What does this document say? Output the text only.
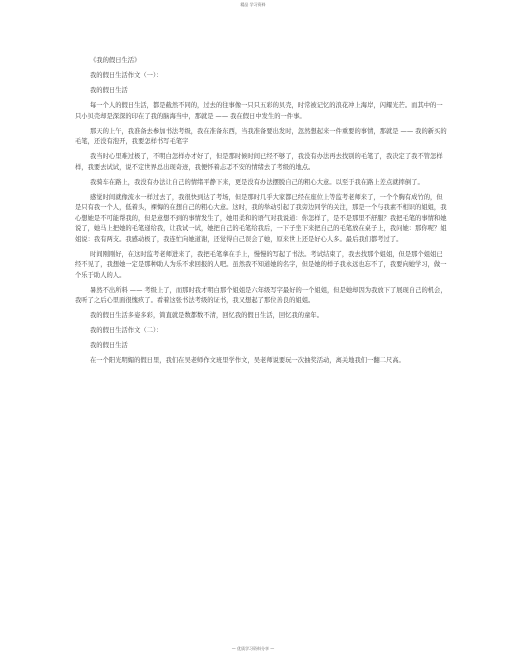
精品 学习资料

《我的假日生活》

我的假日生活作文（一）：

我的假日生活

每一个人的假日生活，都是截然不同的，过去的往事像一只只五彩的贝壳，时常被记忆的浪花冲上海岸，闪耀光芒。而其中的一只小贝壳却是深深的印在了我的脑海当中，那就是 —— 我在假日中发生的一件事。

那天的上午，我准备去参加书法考级，我在准备东西，当我准备要出发时，忽然想起来一件重要的事情，那就是 —— 我的新买的毛笔，还没有泡开，我要怎样书写毛笔字

我当时心里难过极了，不明白怎样办才好了，但是那时候时间已经不够了，我没有办法再去找别的毛笔了，我决定了我不管怎样样，我要去试试，说不定世界总出现奇迹，我便怀着忐忑不安的情绪去了考级的地点。

我骑车在路上，我没有办法让自己的情绪平静下来，更是没有办法摆脱自己的粗心大意。以至于我在路上差点就摔倒了。

感觉时间就像流水一样过去了，我很快到达了考场，但是那时几乎大家都已经在座位上等监考老师来了，一个个胸有成竹的，但是只有我一个人，低着头，裸悔的在想自己的粗心大意。这时，我的举动引起了我旁边同学的关注，那是一个与我素不相识的姐姐，我心想她是不可能帮我的，但是意想不到的事情发生了，她用柔和的语气对我说道：你怎样了，是不是那里不舒服？我把毛笔的事情和她说了，她马上把她的毛笔递给我，让我试一试，她把自己的毛笔给我后，一下子坐下来把自己的毛笔放在桌子上，我问她：那你呢？姐姐说：我有两支。我感动极了，我连忙向她道谢，还觉得自己误会了她，原来世上还是好心人多。最后我们都考过了。

时间刚刚好，在这时监考老师进来了，我把毛笔拿在手上，慢慢的写起了书法。考试结束了，我去找那个姐姐，但是那个姐姐已经不见了，我想她一定是那种助人为乐不求回报的人吧。虽然我不知道她的名字，但是她的样子我永远也忘不了，我要向她学习，做一个乐于助人的人。

暑然不出所料 —— 考级上了，而那时我才明白那个姐姐是六年级写字最好的一个姐姐，但是她却因为我放下了展现自己的机会，我听了之后心里面很愧疚了。看着这张书法考级的证书，我又想起了那位善良的姐姐。

我的假日生活多姿多彩，简直就是数都数不清，回忆我的假日生活，回忆我的童年。

我的假日生活作文（二）：

我的假日生活

在一个阳光明媚的假日里，我们在吴老师作文班里学作文，吴老师说要玩一次抽奖活动，离关地我们一翻二尺高。

— 优质学习资料分享 —
